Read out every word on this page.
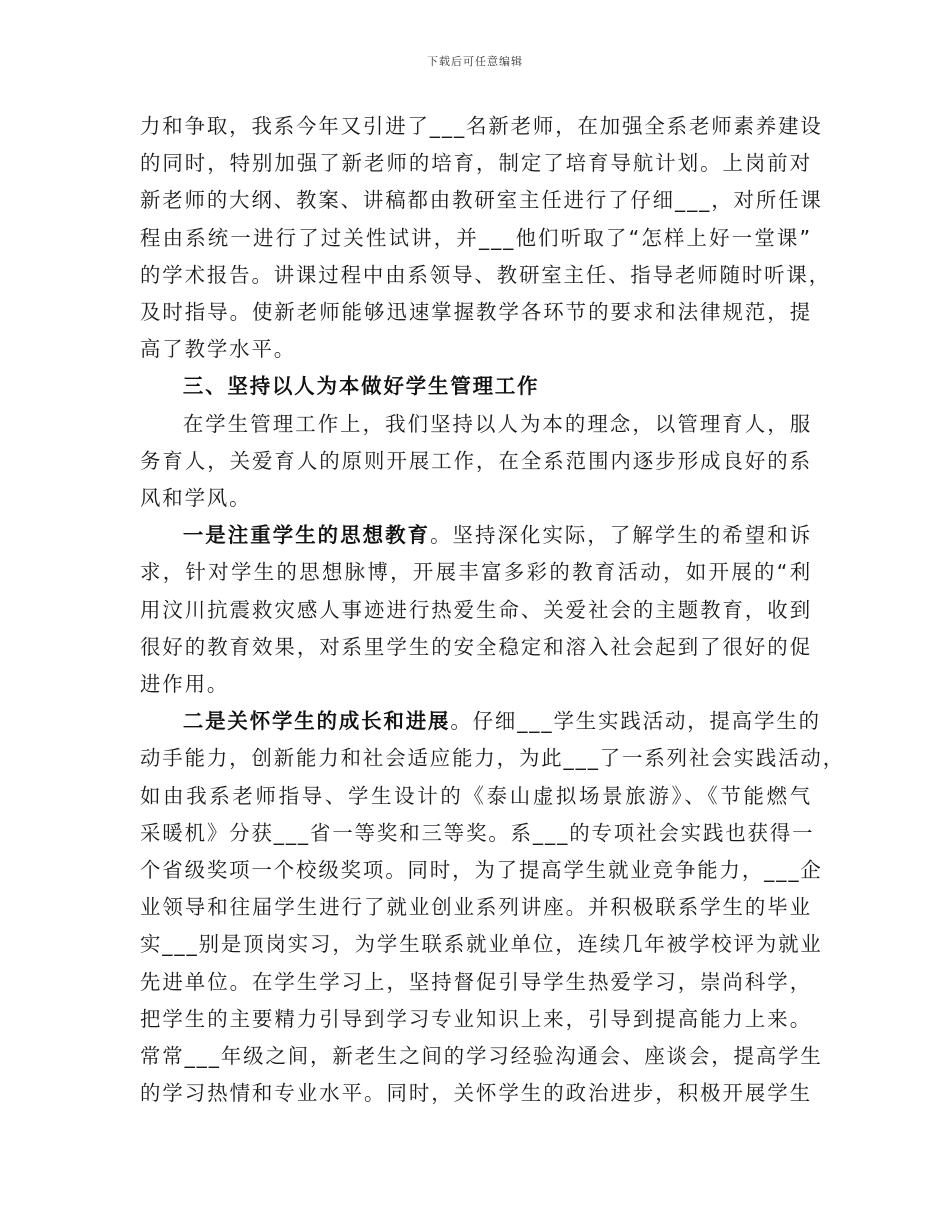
下载后可任意编辑

力和争取，我系今年又引进了___名新老师，在加强全系老师素养建设
的同时，特别加强了新老师的培育，制定了培育导航计划。上岗前对
新老师的大纲、教案、讲稿都由教研室主任进行了仔细___，对所任课
程由系统一进行了过关性试讲，并___他们听取了“怎样上好一堂课”
的学术报告。讲课过程中由系领导、教研室主任、指导老师随时听课，
及时指导。使新老师能够迅速掌握教学各环节的要求和法律规范，提
高了教学水平。

三、坚持以人为本做好学生管理工作

在学生管理工作上，我们坚持以人为本的理念，以管理育人，服
务育人，关爱育人的原则开展工作，在全系范围内逐步形成良好的系
风和学风。

一是注重学生的思想教育。坚持深化实际，了解学生的希望和诉
求，针对学生的思想脉博，开展丰富多彩的教育活动，如开展的“利
用汶川抗震救灾感人事迹进行热爱生命、关爱社会的主题教育，收到
很好的教育效果，对系里学生的安全稳定和溶入社会起到了很好的促
进作用。

二是关怀学生的成长和进展。仔细___学生实践活动，提高学生的
动手能力，创新能力和社会适应能力，为此___了一系列社会实践活动，
如由我系老师指导、学生设计的《泰山虚拟场景旅游》、《节能燃气
采暖机》分获___省一等奖和三等奖。系___的专项社会实践也获得一
个省级奖项一个校级奖项。同时，为了提高学生就业竞争能力，___企
业领导和往届学生进行了就业创业系列讲座。并积极联系学生的毕业
实___别是顶岗实习，为学生联系就业单位，连续几年被学校评为就业
先进单位。在学生学习上，坚持督促引导学生热爱学习，崇尚科学，
把学生的主要精力引导到学习专业知识上来，引导到提高能力上来。
常常___年级之间，新老生之间的学习经验沟通会、座谈会，提高学生
的学习热情和专业水平。同时，关怀学生的政治进步，积极开展学生
